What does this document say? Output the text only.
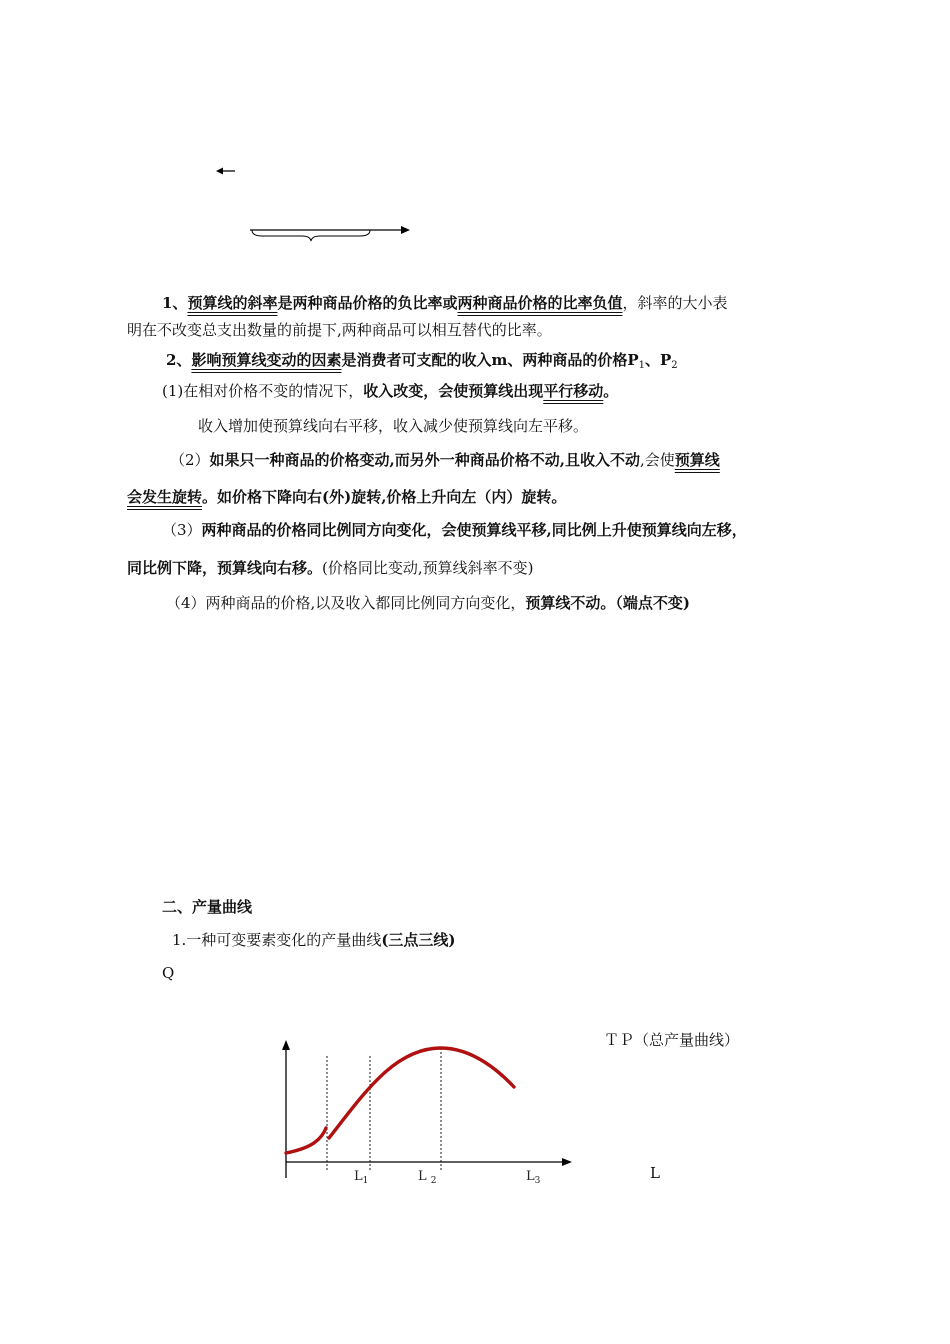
1、预算线的斜率是两种商品价格的负比率或两种商品价格的比率负值，斜率的大小表
明在不改变总支出数量的前提下,两种商品可以相互替代的比率。
2、影响预算线变动的因素是消费者可支配的收入m、两种商品的价格$P_1$、$P_2$
(1)在相对价格不变的情况下，收入改变，会使预算线出现平行移动。
收入增加使预算线向右平移，收入减少使预算线向左平移。
（2）如果只一种商品的价格变动,而另外一种商品价格不动,且收入不动,会使预算线
会发生旋转。如价格下降向右(外)旋转,价格上升向左（内）旋转。
（3）两种商品的价格同比例同方向变化，会使预算线平移,同比例上升使预算线向左移，
同比例下降，预算线向右移。(价格同比变动,预算线斜率不变)
（4）两种商品的价格,以及收入都同比例同方向变化，预算线不动。（端点不变)
二、产量曲线
1.一种可变要素变化的产量曲线(三点三线)
Q
$L_1$	L $_2$	$L_3$
ＴＰ（总产量曲线）
L
